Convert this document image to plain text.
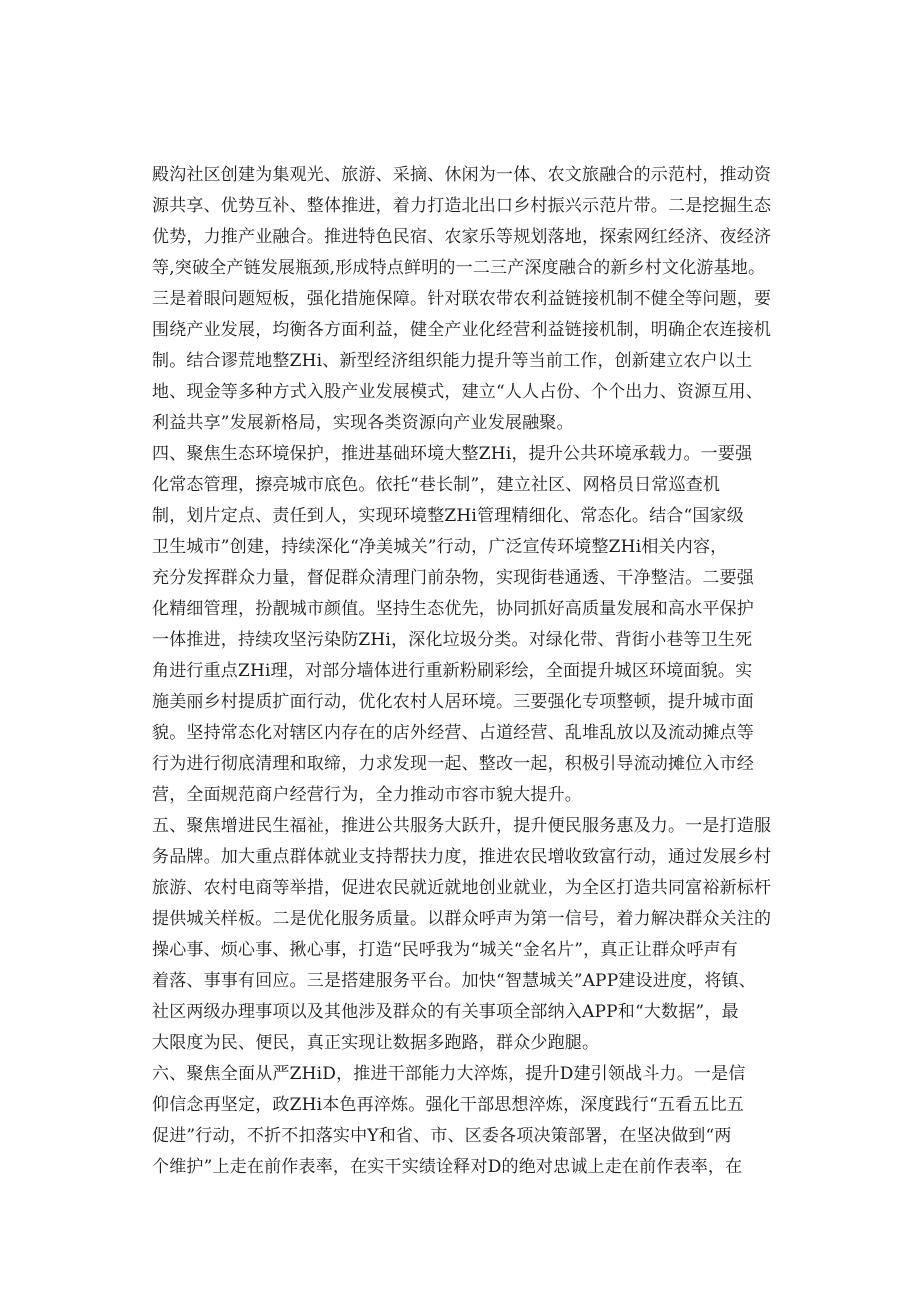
殿沟社区创建为集观光、旅游、采摘、休闲为一体、农文旅融合的示范村，推动资
源共享、优势互补、整体推进，着力打造北出口乡村振兴示范片带。二是挖掘生态
优势，力推产业融合。推进特色民宿、农家乐等规划落地，探索网红经济、夜经济
等,突破全产链发展瓶颈,形成特点鲜明的一二三产深度融合的新乡村文化游基地。
三是着眼问题短板，强化措施保障。针对联农带农利益链接机制不健全等问题，要
围绕产业发展，均衡各方面利益，健全产业化经营利益链接机制，明确企农连接机
制。结合谬荒地整ZHi、新型经济组织能力提升等当前工作，创新建立农户以土
地、现金等多种方式入股产业发展模式，建立“人人占份、个个出力、资源互用、
利益共享”发展新格局，实现各类资源向产业发展融聚。
四、聚焦生态环境保护，推进基础环境大整ZHi，提升公共环境承载力。一要强
化常态管理，擦亮城市底色。依托“巷长制”，建立社区、网格员日常巡查机
制，划片定点、责任到人，实现环境整ZHi管理精细化、常态化。结合“国家级
卫生城市”创建，持续深化“净美城关”行动，广泛宣传环境整ZHi相关内容，
充分发挥群众力量，督促群众清理门前杂物，实现街巷通透、干净整洁。二要强
化精细管理，扮靓城市颜值。坚持生态优先，协同抓好高质量发展和高水平保护
一体推进，持续攻坚污染防ZHi，深化垃圾分类。对绿化带、背街小巷等卫生死
角进行重点ZHi理，对部分墙体进行重新粉刷彩绘，全面提升城区环境面貌。实
施美丽乡村提质扩面行动，优化农村人居环境。三要强化专项整顿，提升城市面
貌。坚持常态化对辖区内存在的店外经营、占道经营、乱堆乱放以及流动摊点等
行为进行彻底清理和取缔，力求发现一起、整改一起，积极引导流动摊位入市经
营，全面规范商户经营行为，全力推动市容市貌大提升。
五、聚焦增进民生福祉，推进公共服务大跃升，提升便民服务惠及力。一是打造服
务品牌。加大重点群体就业支持帮扶力度，推进农民增收致富行动，通过发展乡村
旅游、农村电商等举措，促进农民就近就地创业就业，为全区打造共同富裕新标杆
提供城关样板。二是优化服务质量。以群众呼声为第一信号，着力解决群众关注的
操心事、烦心事、揪心事，打造“民呼我为“城关“金名片”，真正让群众呼声有
着落、事事有回应。三是搭建服务平台。加快“智慧城关”APP建设进度，将镇、
社区两级办理事项以及其他涉及群众的有关事项全部纳入APP和“大数据”，最
大限度为民、便民，真正实现让数据多跑路，群众少跑腿。
六、聚焦全面从严ZHiD，推进干部能力大淬炼，提升D建引领战斗力。一是信
仰信念再坚定，政ZHi本色再淬炼。强化干部思想淬炼，深度践行“五看五比五
促进”行动，不折不扣落实中Y和省、市、区委各项决策部署，在坚决做到“两
个维护”上走在前作表率，在实干实绩诠释对D的绝对忠诚上走在前作表率，在
